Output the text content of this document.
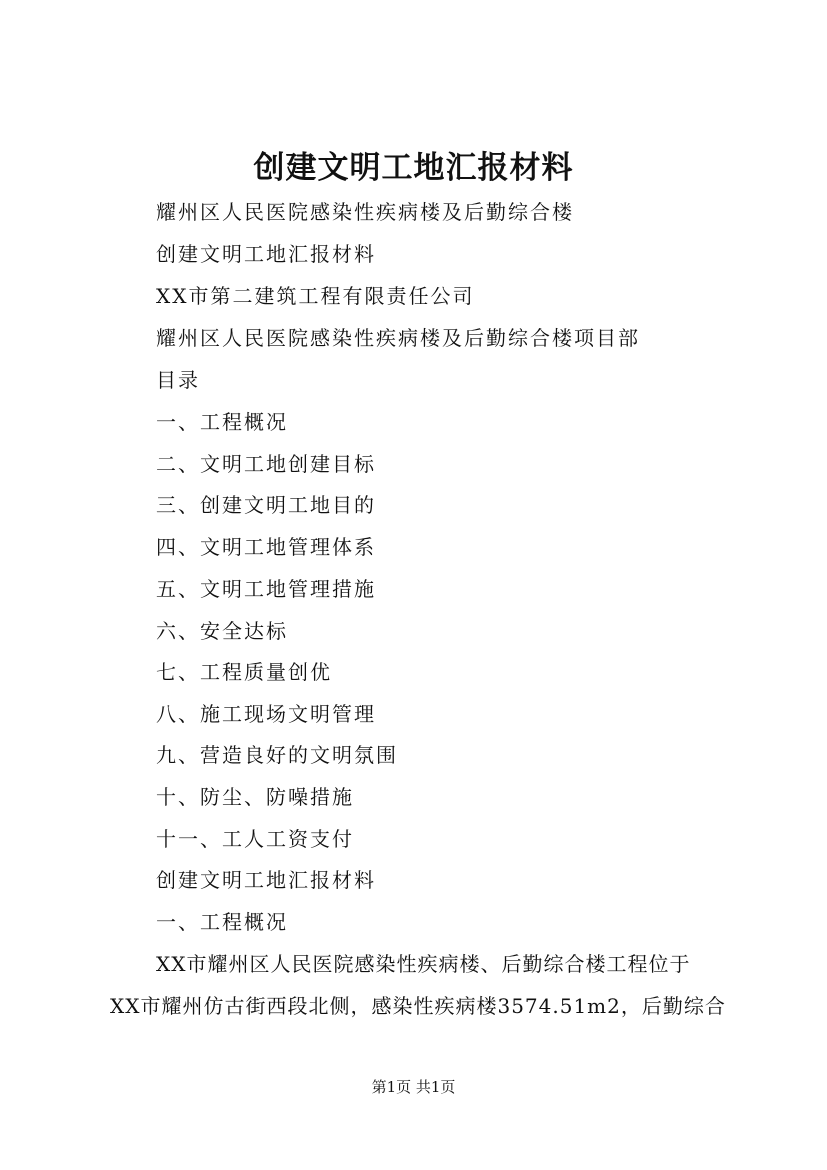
创建文明工地汇报材料

耀州区人民医院感染性疾病楼及后勤综合楼

创建文明工地汇报材料

XX市第二建筑工程有限责任公司

耀州区人民医院感染性疾病楼及后勤综合楼项目部

目录

一、工程概况

二、文明工地创建目标

三、创建文明工地目的

四、文明工地管理体系

五、文明工地管理措施

六、安全达标

七、工程质量创优

八、施工现场文明管理

九、营造良好的文明氛围

十、防尘、防噪措施

十一、工人工资支付

创建文明工地汇报材料

一、工程概况

XX市耀州区人民医院感染性疾病楼、后勤综合楼工程位于

XX市耀州仿古街西段北侧，感染性疾病楼3574.51m2，后勤综合

第1页 共1页
